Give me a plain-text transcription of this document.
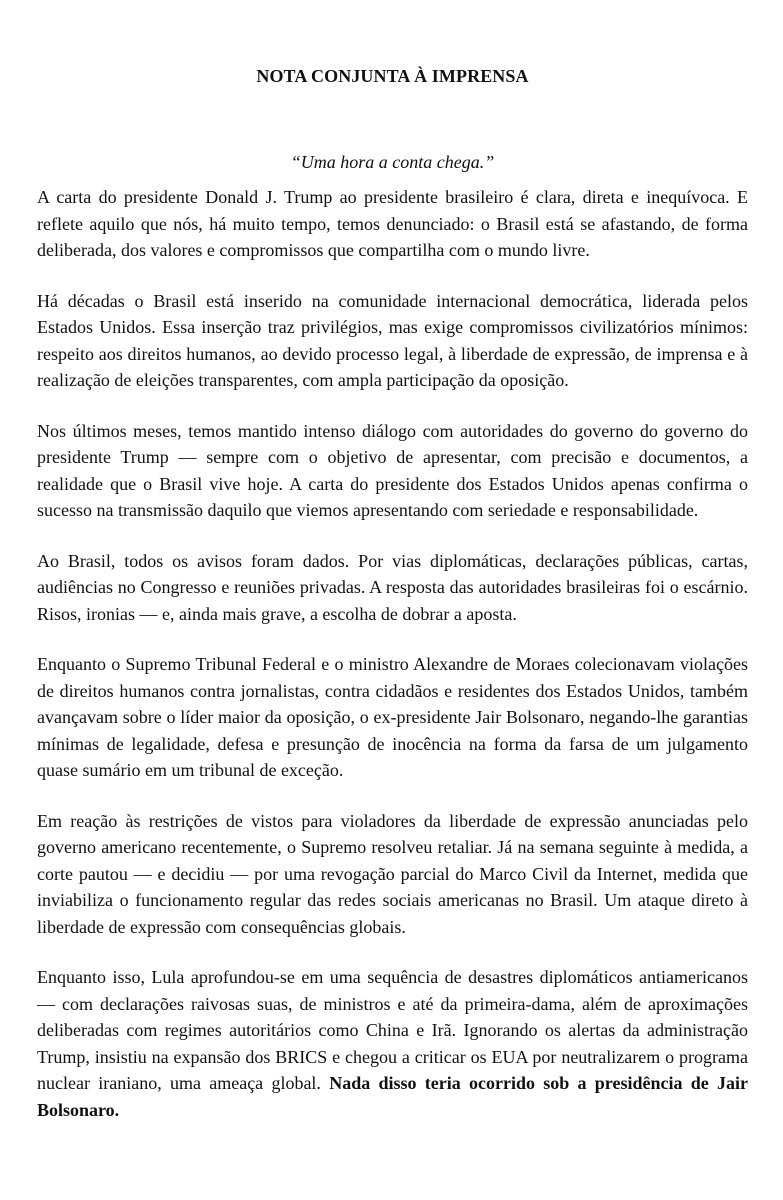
NOTA CONJUNTA À IMPRENSA
“Uma hora a conta chega.”

A carta do presidente Donald J. Trump ao presidente brasileiro é clara, direta e inequívoca. E reflete aquilo que nós, há muito tempo, temos denunciado: o Brasil está se afastando, de forma deliberada, dos valores e compromissos que compartilha com o mundo livre.

Há décadas o Brasil está inserido na comunidade internacional democrática, liderada pelos Estados Unidos. Essa inserção traz privilégios, mas exige compromissos civilizatórios mínimos: respeito aos direitos humanos, ao devido processo legal, à liberdade de expressão, de imprensa e à realização de eleições transparentes, com ampla participação da oposição.

Nos últimos meses, temos mantido intenso diálogo com autoridades do governo do governo do presidente Trump — sempre com o objetivo de apresentar, com precisão e documentos, a realidade que o Brasil vive hoje. A carta do presidente dos Estados Unidos apenas confirma o sucesso na transmissão daquilo que viemos apresentando com seriedade e responsabilidade.

Ao Brasil, todos os avisos foram dados. Por vias diplomáticas, declarações públicas, cartas, audiências no Congresso e reuniões privadas. A resposta das autoridades brasileiras foi o escárnio. Risos, ironias — e, ainda mais grave, a escolha de dobrar a aposta.

Enquanto o Supremo Tribunal Federal e o ministro Alexandre de Moraes colecionavam violações de direitos humanos contra jornalistas, contra cidadãos e residentes dos Estados Unidos, também avançavam sobre o líder maior da oposição, o ex-presidente Jair Bolsonaro, negando-lhe garantias mínimas de legalidade, defesa e presunção de inocência na forma da farsa de um julgamento quase sumário em um tribunal de exceção.

Em reação às restrições de vistos para violadores da liberdade de expressão anunciadas pelo governo americano recentemente, o Supremo resolveu retaliar. Já na semana seguinte à medida, a corte pautou — e decidiu — por uma revogação parcial do Marco Civil da Internet, medida que inviabiliza o funcionamento regular das redes sociais americanas no Brasil. Um ataque direto à liberdade de expressão com consequências globais.

Enquanto isso, Lula aprofundou-se em uma sequência de desastres diplomáticos antiamericanos — com declarações raivosas suas, de ministros e até da primeira-dama, além de aproximações deliberadas com regimes autoritários como China e Irã. Ignorando os alertas da administração Trump, insistiu na expansão dos BRICS e chegou a criticar os EUA por neutralizarem o programa nuclear iraniano, uma ameaça global. Nada disso teria ocorrido sob a presidência de Jair Bolsonaro.
